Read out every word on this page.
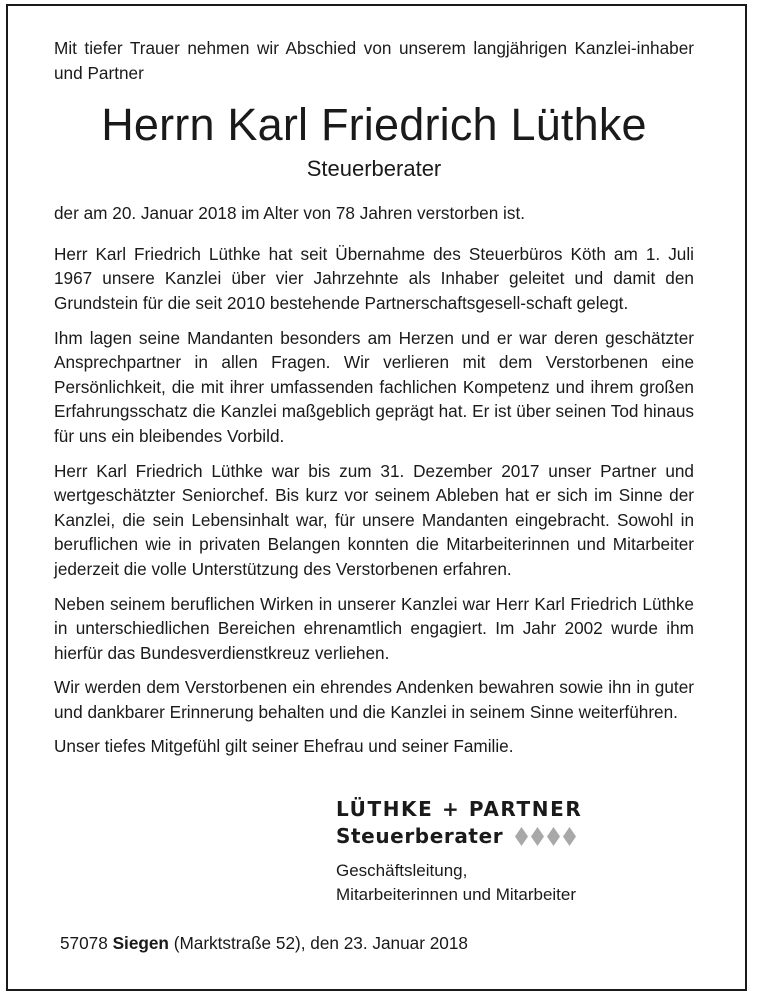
Mit tiefer Trauer nehmen wir Abschied von unserem langjährigen Kanzlei-inhaber und Partner

Herrn Karl Friedrich Lüthke
Steuerberater

der am 20. Januar 2018 im Alter von 78 Jahren verstorben ist.

Herr Karl Friedrich Lüthke hat seit Übernahme des Steuerbüros Köth am 1. Juli 1967 unsere Kanzlei über vier Jahrzehnte als Inhaber geleitet und damit den Grundstein für die seit 2010 bestehende Partnerschaftsgesell-schaft gelegt.

Ihm lagen seine Mandanten besonders am Herzen und er war deren geschätzter Ansprechpartner in allen Fragen. Wir verlieren mit dem Verstorbenen eine Persönlichkeit, die mit ihrer umfassenden fachlichen Kompetenz und ihrem großen Erfahrungsschatz die Kanzlei maßgeblich geprägt hat. Er ist über seinen Tod hinaus für uns ein bleibendes Vorbild.

Herr Karl Friedrich Lüthke war bis zum 31. Dezember 2017 unser Partner und wertgeschätzter Seniorchef. Bis kurz vor seinem Ableben hat er sich im Sinne der Kanzlei, die sein Lebensinhalt war, für unsere Mandanten eingebracht. Sowohl in beruflichen wie in privaten Belangen konnten die Mitarbeiterinnen und Mitarbeiter jederzeit die volle Unterstützung des Verstorbenen erfahren.

Neben seinem beruflichen Wirken in unserer Kanzlei war Herr Karl Friedrich Lüthke in unterschiedlichen Bereichen ehrenamtlich engagiert. Im Jahr 2002 wurde ihm hierfür das Bundesverdienstkreuz verliehen.

Wir werden dem Verstorbenen ein ehrendes Andenken bewahren sowie ihn in guter und dankbarer Erinnerung behalten und die Kanzlei in seinem Sinne weiterführen.

Unser tiefes Mitgefühl gilt seiner Ehefrau und seiner Familie.

LÜTHKE + PARTNER
Steuerberater
Geschäftsleitung,
Mitarbeiterinnen und Mitarbeiter
57078 Siegen (Marktstraße 52), den 23. Januar 2018
